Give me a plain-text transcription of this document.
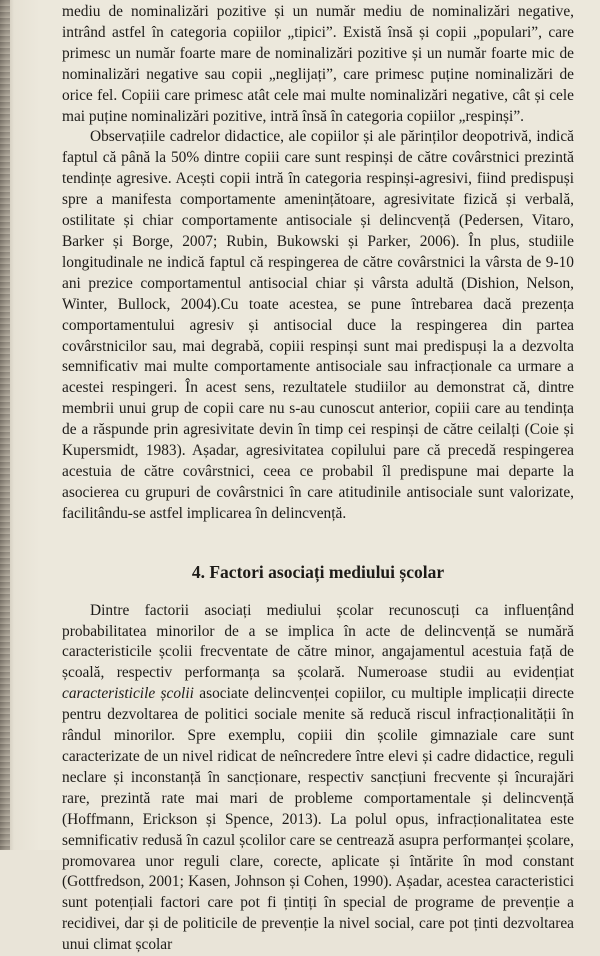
mediu de nominalizări pozitive și un număr mediu de nominalizări negative, intrând astfel în categoria copiilor „tipici”. Există însă și copii „populari”, care primesc un număr foarte mare de nominalizări pozitive și un număr foarte mic de nominalizări negative sau copii „neglijați”, care primesc puține nominalizări de orice fel. Copiii care primesc atât cele mai multe nominalizări negative, cât și cele mai puține nominalizări pozitive, intră însă în categoria copiilor „respinși”.

Observațiile cadrelor didactice, ale copiilor și ale părinților deopotrivă, indică faptul că până la 50% dintre copiii care sunt respinși de către covârstnici prezintă tendințe agresive. Acești copii intră în categoria respinși-agresivi, fiind predispuși spre a manifesta comportamente amenințătoare, agresivitate fizică și verbală, ostilitate și chiar comportamente antisociale și delincvență (Pedersen, Vitaro, Barker și Borge, 2007; Rubin, Bukowski și Parker, 2006). În plus, studiile longitudinale ne indică faptul că respingerea de către covârstnici la vârsta de 9-10 ani prezice comportamentul antisocial chiar și vârsta adultă (Dishion, Nelson, Winter, Bullock, 2004).Cu toate acestea, se pune întrebarea dacă prezența comportamentului agresiv și antisocial duce la respingerea din partea covârstnicilor sau, mai degrabă, copiii respinși sunt mai predispuși la a dezvolta semnificativ mai multe comportamente antisociale sau infracționale ca urmare a acestei respingeri. În acest sens, rezultatele studiilor au demonstrat că, dintre membrii unui grup de copii care nu s-au cunoscut anterior, copiii care au tendința de a răspunde prin agresivitate devin în timp cei respinși de către ceilalți (Coie și Kupersmidt, 1983). Așadar, agresivitatea copilului pare că precedă respingerea acestuia de către covârstnici, ceea ce probabil îl predispune mai departe la asocierea cu grupuri de covârstnici în care atitudinile antisociale sunt valorizate, facilitându-se astfel implicarea în delincvență.

4. Factori asociați mediului școlar

Dintre factorii asociați mediului școlar recunoscuți ca influențând probabilitatea minorilor de a se implica în acte de delincvență se numără caracteristicile școlii frecventate de către minor, angajamentul acestuia față de școală, respectiv performanța sa școlară. Numeroase studii au evidențiat caracteristicile școlii asociate delincvenței copiilor, cu multiple implicații directe pentru dezvoltarea de politici sociale menite să reducă riscul infracționalității în rândul minorilor. Spre exemplu, copiii din școlile gimnaziale care sunt caracterizate de un nivel ridicat de neîncredere între elevi și cadre didactice, reguli neclare și inconstanță în sancționare, respectiv sancțiuni frecvente și încurajări rare, prezintă rate mai mari de probleme comportamentale și delincvență (Hoffmann, Erickson și Spence, 2013). La polul opus, infracționalitatea este semnificativ redusă în cazul școlilor care se centrează asupra performanței școlare, promovarea unor reguli clare, corecte, aplicate și întărite în mod constant (Gottfredson, 2001; Kasen, Johnson și Cohen, 1990). Așadar, acestea caracteristici sunt potențiali factori care pot fi țintiți în special de programe de prevenție a recidivei, dar și de politicile de prevenție la nivel social, care pot ținti dezvoltarea unui climat școlar
